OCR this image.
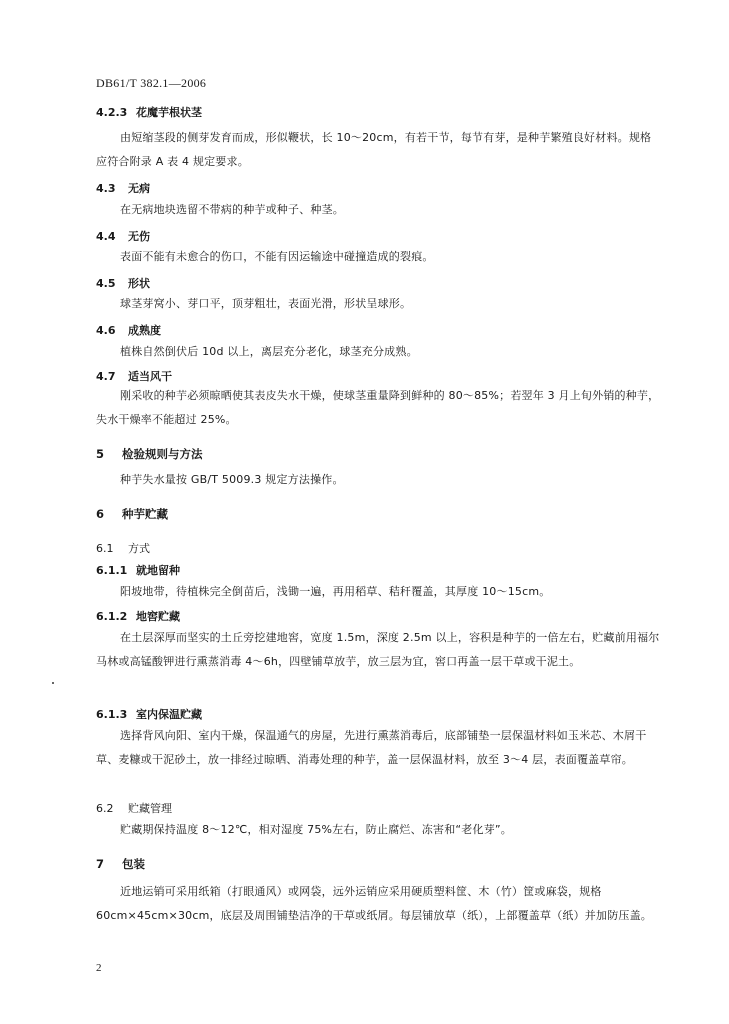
DB61/T 382.1—2006
4.2.3 花魔芋根状茎
由短缩茎段的侧芽发育而成，形似鞭状，长 10～20cm，有若干节，每节有芽，是种芋繁殖良好材料。规格应符合附录 A 表 4 规定要求。
4.3 无病
在无病地块选留不带病的种芋或种子、种茎。
4.4 无伤
表面不能有未愈合的伤口，不能有因运输途中碰撞造成的裂痕。
4.5 形状
球茎芽窝小、芽口平，顶芽粗壮，表面光滑，形状呈球形。
4.6 成熟度
植株自然倒伏后 10d 以上，离层充分老化，球茎充分成熟。
4.7 适当风干
刚采收的种芋必须晾晒使其表皮失水干燥，使球茎重量降到鲜种的 80～85%；若翌年 3 月上旬外销的种芋，失水干燥率不能超过 25%。
5 检验规则与方法
种芋失水量按 GB/T 5009.3 规定方法操作。
6 种芋贮藏
6.1 方式
6.1.1 就地留种
阳坡地带，待植株完全倒苗后，浅锄一遍，再用稻草、秸秆覆盖，其厚度 10～15cm。
6.1.2 地窖贮藏
在土层深厚而坚实的土丘旁挖建地窖，宽度 1.5m，深度 2.5m 以上，容积是种芋的一倍左右，贮藏前用福尔马林或高锰酸钾进行熏蒸消毒 4～6h，四壁铺草放芋，放三层为宜，窖口再盖一层干草或干泥土。
6.1.3 室内保温贮藏
选择背风向阳、室内干燥，保温通气的房屋，先进行熏蒸消毒后，底部铺垫一层保温材料如玉米芯、木屑干草、麦糠或干泥砂土，放一排经过晾晒、消毒处理的种芋，盖一层保温材料，放至 3～4 层，表面覆盖草帘。
6.2 贮藏管理
贮藏期保持温度 8～12℃，相对湿度 75%左右，防止腐烂、冻害和“老化芽”。
7 包装
近地运销可采用纸箱（打眼通风）或网袋，远外运销应采用硬质塑料筐、木（竹）筐或麻袋，规格 60cm×45cm×30cm，底层及周围铺垫洁净的干草或纸屑。每层铺放草（纸），上部覆盖草（纸）并加防压盖。
2
